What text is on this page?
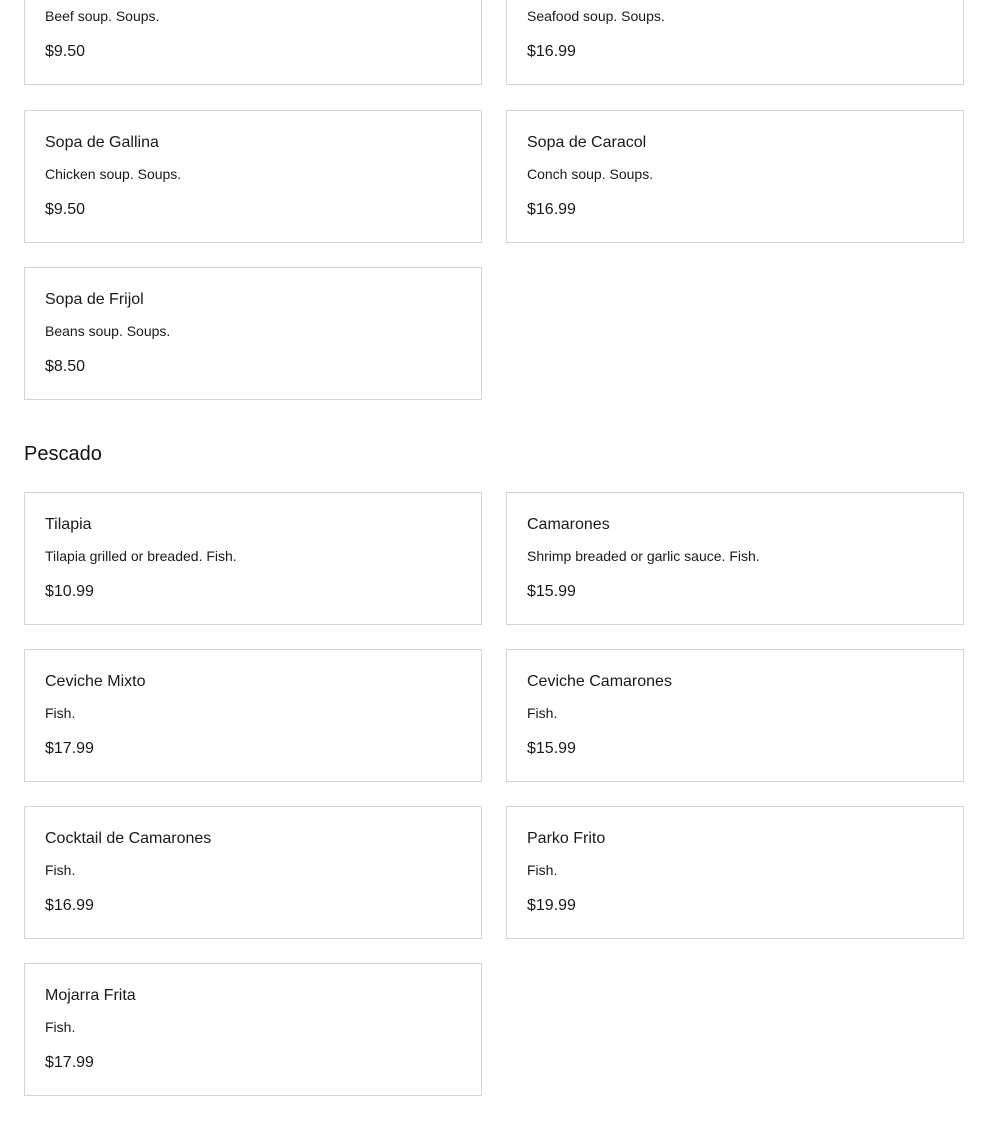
Beef soup. Soups.
$9.50
Seafood soup. Soups.
$16.99
Sopa de Gallina
Chicken soup. Soups.
$9.50
Sopa de Caracol
Conch soup. Soups.
$16.99
Sopa de Frijol
Beans soup. Soups.
$8.50
Pescado
Tilapia
Tilapia grilled or breaded. Fish.
$10.99
Camarones
Shrimp breaded or garlic sauce. Fish.
$15.99
Ceviche Mixto
Fish.
$17.99
Ceviche Camarones
Fish.
$15.99
Cocktail de Camarones
Fish.
$16.99
Parko Frito
Fish.
$19.99
Mojarra Frita
Fish.
$17.99
